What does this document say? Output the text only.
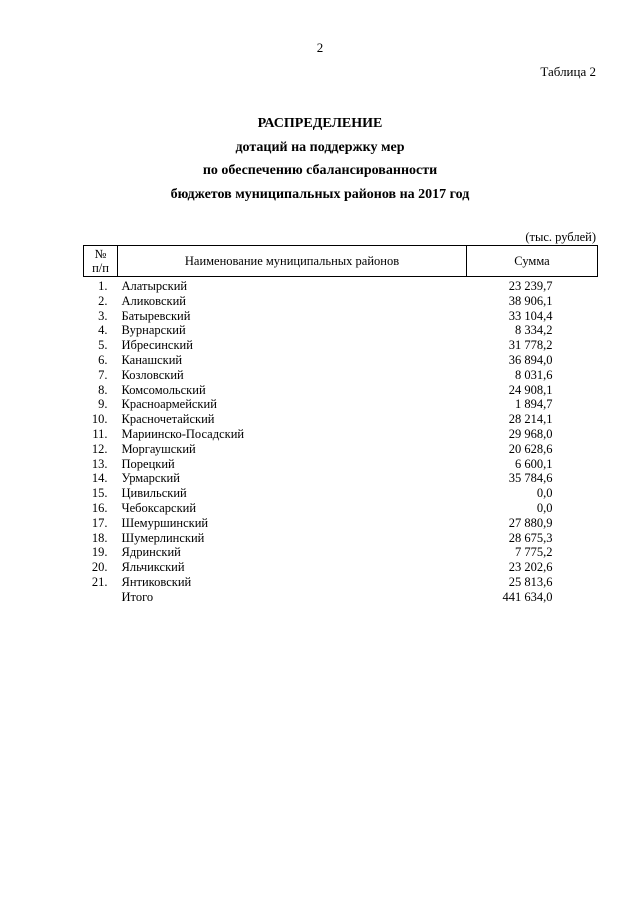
2
Таблица 2
РАСПРЕДЕЛЕНИЕ
дотаций на поддержку мер
по обеспечению сбалансированности
бюджетов муниципальных районов на 2017 год
(тыс. рублей)
№
п/п	Наименование муниципальных районов	Сумма
1.	Алатырский	23 239,7
2.	Аликовский	38 906,1
3.	Батыревский	33 104,4
4.	Вурнарский	8 334,2
5.	Ибресинский	31 778,2
6.	Канашский	36 894,0
7.	Козловский	8 031,6
8.	Комсомольский	24 908,1
9.	Красноармейский	1 894,7
10.	Красночетайский	28 214,1
11.	Мариинско-Посадский	29 968,0
12.	Моргаушский	20 628,6
13.	Порецкий	6 600,1
14.	Урмарский	35 784,6
15.	Цивильский	0,0
16.	Чебоксарский	0,0
17.	Шемуршинский	27 880,9
18.	Шумерлинский	28 675,3
19.	Ядринский	7 775,2
20.	Яльчикский	23 202,6
21.	Янтиковский	25 813,6
	Итого	441 634,0
